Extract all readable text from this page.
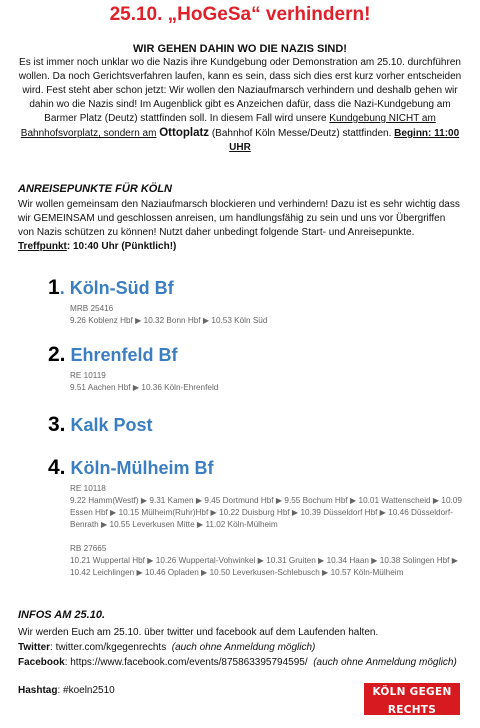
25.10. „HoGeSa“ verhindern!
WIR GEHEN DAHIN WO DIE NAZIS SIND!
Es ist immer noch unklar wo die Nazis ihre Kundgebung oder Demonstration am 25.10. durchführen wollen. Da noch Gerichtsverfahren laufen, kann es sein, dass sich dies erst kurz vorher entscheiden wird. Fest steht aber schon jetzt: Wir wollen den Naziaufmarsch verhindern und deshalb gehen wir dahin wo die Nazis sind! Im Augenblick gibt es Anzeichen dafür, dass die Nazi-Kundgebung am Barmer Platz (Deutz) stattfinden soll. In diesem Fall wird unsere Kundgebung NICHT am Bahnhofsvorplatz, sondern am Ottoplatz (Bahnhof Köln Messe/Deutz) stattfinden. Beginn: 11:00 UHR
ANREISEPUNKTE FÜR KÖLN
Wir wollen gemeinsam den Naziaufmarsch blockieren und verhindern! Dazu ist es sehr wichtig dass wir GEMEINSAM und geschlossen anreisen, um handlungsfähig zu sein und uns vor Übergriffen von Nazis schützen zu können! Nutzt daher unbedingt folgende Start- und Anreisepunkte. Treffpunkt: 10:40 Uhr (Pünktlich!)
1. Köln-Süd Bf
MRB 25416
9.26 Koblenz Hbf ▶ 10.32 Bonn Hbf ▶ 10.53 Köln Süd
2. Ehrenfeld Bf
RE 10119
9.51 Aachen Hbf ▶ 10.36 Köln-Ehrenfeld
3. Kalk Post
4. Köln-Mülheim Bf
RE 10118
9.22 Hamm(Westf) ▶ 9.31 Kamen ▶ 9.45 Dortmund Hbf ▶ 9.55 Bochum Hbf ▶ 10.01 Wattenscheid ▶ 10.09 Essen Hbf ▶ 10.15 Mülheim(Ruhr)Hbf ▶ 10.22 Duisburg Hbf ▶ 10.39 Düsseldorf Hbf ▶ 10.46 Düsseldorf-Benrath ▶ 10.55 Leverkusen Mitte ▶ 11.02 Köln-Mülheim
RB 27665
10.21 Wuppertal Hbf ▶ 10.26 Wuppertal-Vohwinkel ▶ 10.31 Gruiten ▶ 10.34 Haan ▶ 10.38 Solingen Hbf ▶ 10.42 Leichlingen ▶ 10.46 Opladen ▶ 10.50 Leverkusen-Schlebusch ▶ 10.57 Köln-Mülheim
INFOS AM 25.10.
Wir werden Euch am 25.10. über twitter und facebook auf dem Laufenden halten.
Twitter: twitter.com/kgegenrechts (auch ohne Anmeldung möglich)
Facebook: https://www.facebook.com/events/875863395794595/ (auch ohne Anmeldung möglich)
Hashtag: #koeln2510	KÖLN GEGEN RECHTS
Antifaschistisches Aktionsbündnis
